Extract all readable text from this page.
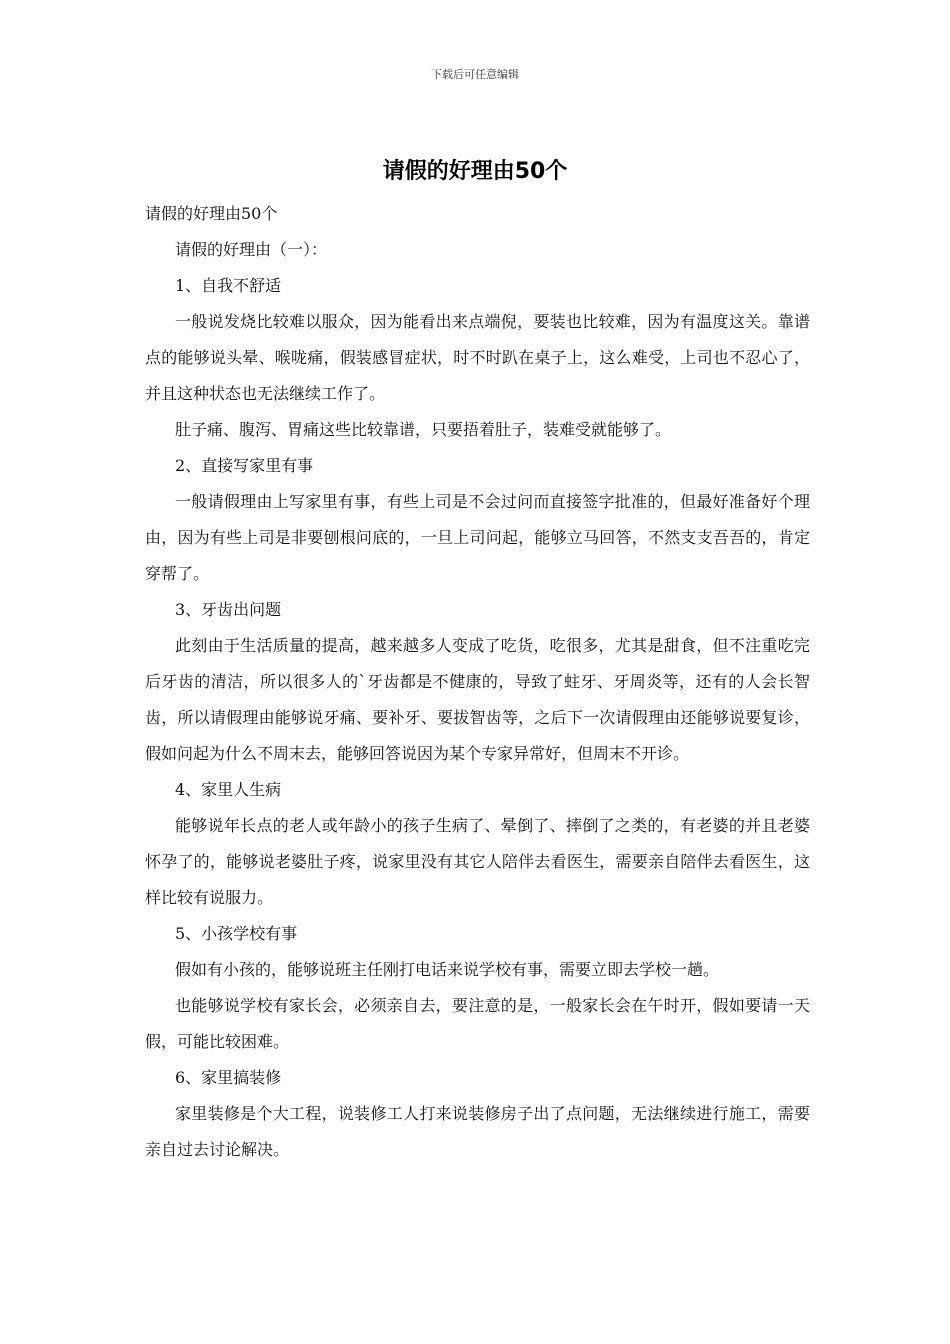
下载后可任意编辑
请假的好理由50个

请假的好理由50个

请假的好理由（一）：

1、自我不舒适

一般说发烧比较难以服众，因为能看出来点端倪，要装也比较难，因为有温度这关。靠谱点的能够说头晕、喉咙痛，假装感冒症状，时不时趴在桌子上，这么难受，上司也不忍心了，并且这种状态也无法继续工作了。

肚子痛、腹泻、胃痛这些比较靠谱，只要捂着肚子，装难受就能够了。

2、直接写家里有事

一般请假理由上写家里有事，有些上司是不会过问而直接签字批准的，但最好准备好个理由，因为有些上司是非要刨根问底的，一旦上司问起，能够立马回答，不然支支吾吾的，肯定穿帮了。

3、牙齿出问题

此刻由于生活质量的提高，越来越多人变成了吃货，吃很多，尤其是甜食，但不注重吃完后牙齿的清洁，所以很多人的`牙齿都是不健康的，导致了蛀牙、牙周炎等，还有的人会长智齿，所以请假理由能够说牙痛、要补牙、要拔智齿等，之后下一次请假理由还能够说要复诊，假如问起为什么不周末去，能够回答说因为某个专家异常好，但周末不开诊。

4、家里人生病

能够说年长点的老人或年龄小的孩子生病了、晕倒了、摔倒了之类的，有老婆的并且老婆怀孕了的，能够说老婆肚子疼，说家里没有其它人陪伴去看医生，需要亲自陪伴去看医生，这样比较有说服力。

5、小孩学校有事

假如有小孩的，能够说班主任刚打电话来说学校有事，需要立即去学校一趟。

也能够说学校有家长会，必须亲自去，要注意的是，一般家长会在午时开，假如要请一天假，可能比较困难。

6、家里搞装修

家里装修是个大工程，说装修工人打来说装修房子出了点问题，无法继续进行施工，需要亲自过去讨论解决。
